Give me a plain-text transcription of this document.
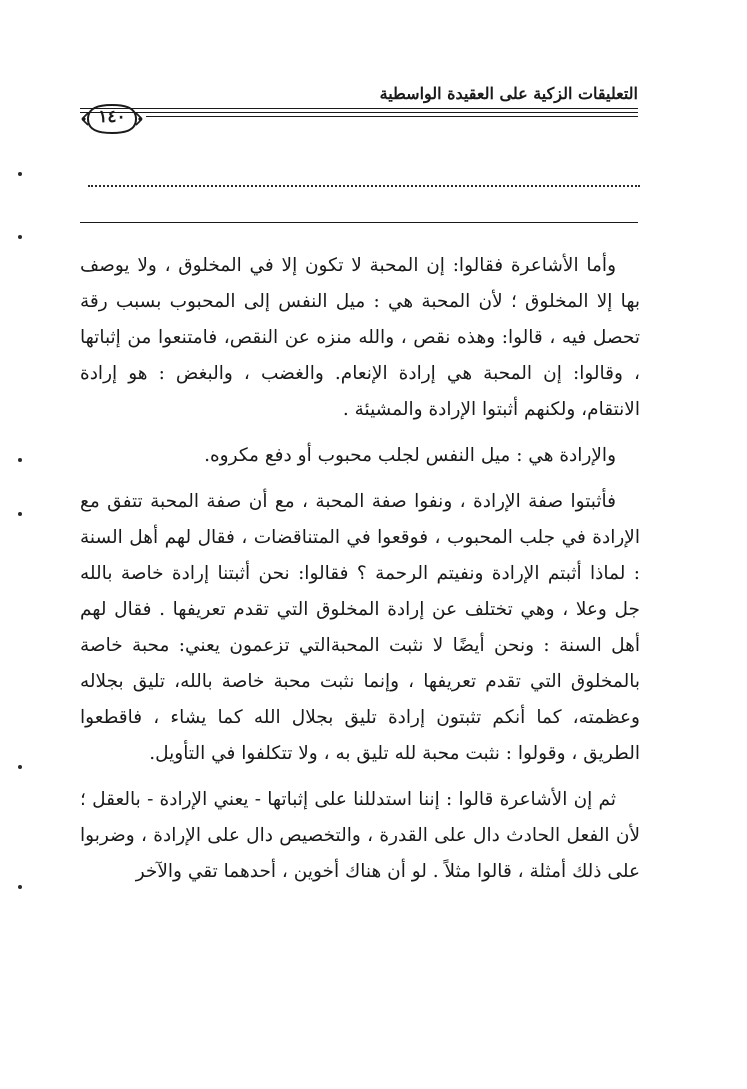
التعليقات الزكية على العقيدة الواسطية
١٤٠

وأما الأشاعرة فقالوا: إن المحبة لا تكون إلا في المخلوق ، ولا يوصف بها إلا المخلوق ؛ لأن المحبة هي : ميل النفس إلى المحبوب بسبب رقة تحصل فيه ، قالوا: وهذه نقص ، والله منزه عن النقص، فامتنعوا من إثباتها ، وقالوا: إن المحبة هي إرادة الإنعام. والغضب ، والبغض : هو إرادة الانتقام، ولكنهم أثبتوا الإرادة والمشيئة .

والإرادة هي : ميل النفس لجلب محبوب أو دفع مكروه.

فأثبتوا صفة الإرادة ، ونفوا صفة المحبة ، مع أن صفة المحبة تتفق مع الإرادة في جلب المحبوب ، فوقعوا في المتناقضات ، فقال لهم أهل السنة : لماذا أثبتم الإرادة ونفيتم الرحمة ؟ فقالوا: نحن أثبتنا إرادة خاصة بالله جل وعلا ، وهي تختلف عن إرادة المخلوق التي تقدم تعريفها . فقال لهم أهل السنة : ونحن أيضًا لا نثبت المحبةالتي تزعمون يعني: محبة خاصة بالمخلوق التي تقدم تعريفها ، وإنما نثبت محبة خاصة بالله، تليق بجلاله وعظمته، كما أنكم تثبتون إرادة تليق بجلال الله كما يشاء ، فاقطعوا الطريق ، وقولوا : نثبت محبة لله تليق به ، ولا تتكلفوا في التأويل.

ثم إن الأشاعرة قالوا : إننا استدللنا على إثباتها - يعني الإرادة - بالعقل ؛ لأن الفعل الحادث دال على القدرة ، والتخصيص دال على الإرادة ، وضربوا على ذلك أمثلة ، قالوا مثلاً . لو أن هناك أخوين ، أحدهما تقي والآخر
